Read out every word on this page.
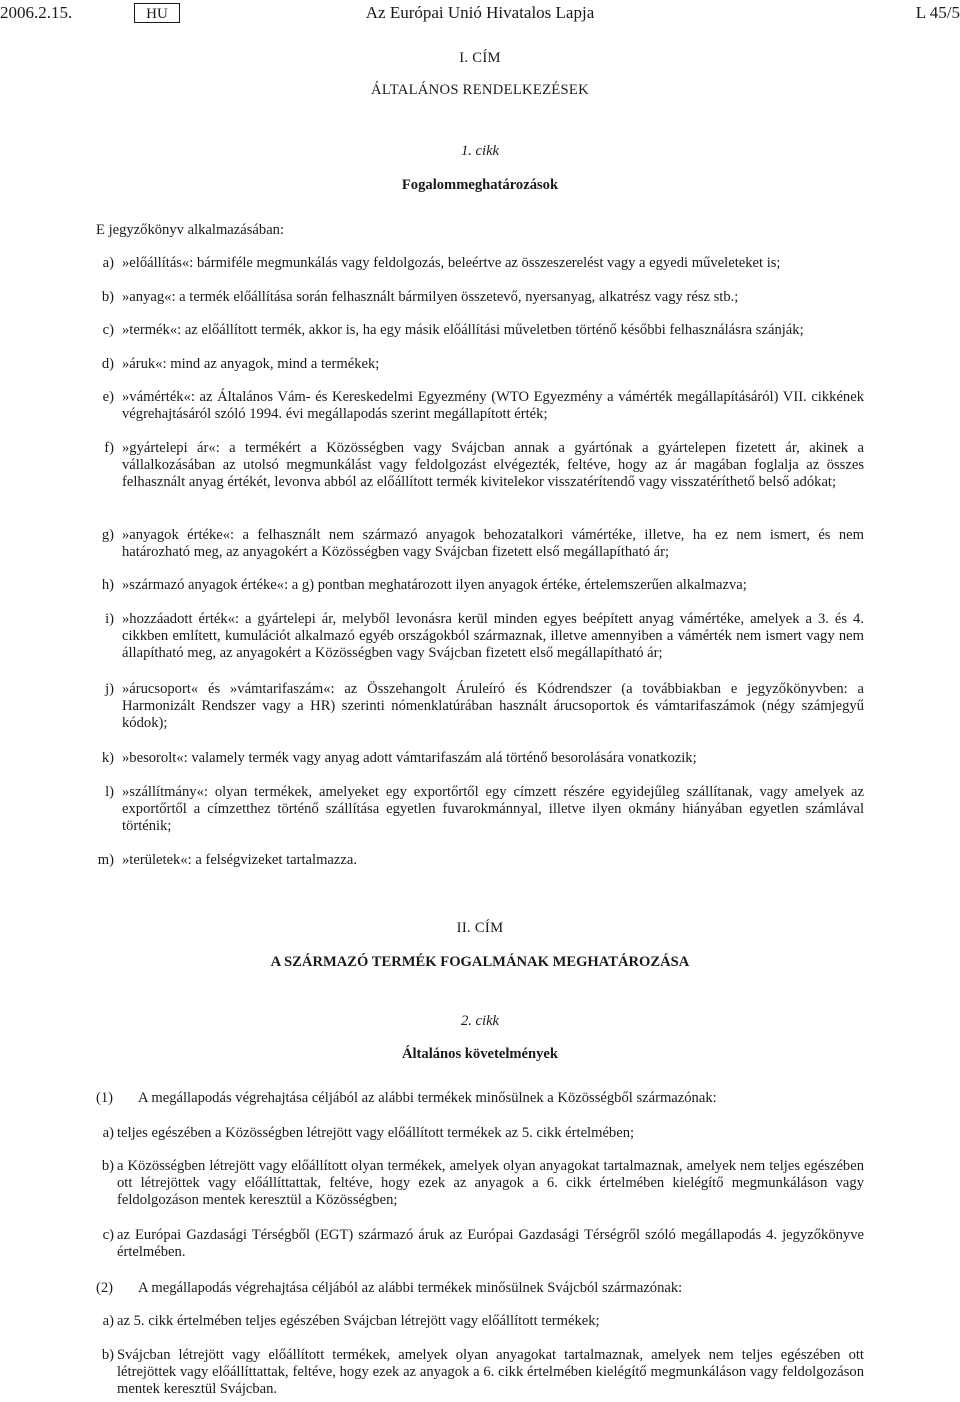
2006.2.15.	HU	Az Európai Unió Hivatalos Lapja	L 45/5
I. CÍM
ÁLTALÁNOS RENDELKEZÉSEK
1. cikk
Fogalommeghatározások
E jegyzőkönyv alkalmazásában:
a) »előállítás«: bármiféle megmunkálás vagy feldolgozás, beleértve az összeszerelést vagy a egyedi műveleteket is;
b) »anyag«: a termék előállítása során felhasznált bármilyen összetevő, nyersanyag, alkatrész vagy rész stb.;
c) »termék«: az előállított termék, akkor is, ha egy másik előállítási műveletben történő későbbi felhasználásra szánják;
d) »áruk«: mind az anyagok, mind a termékek;
e) »vámérték«: az Általános Vám- és Kereskedelmi Egyezmény (WTO Egyezmény a vámérték megállapításáról) VII. cikkének végrehajtásáról szóló 1994. évi megállapodás szerint megállapított érték;
f) »gyártelepi ár«: a termékért a Közösségben vagy Svájcban annak a gyártónak a gyártelepen fizetett ár, akinek a vállalkozásában az utolsó megmunkálást vagy feldolgozást elvégezték, feltéve, hogy az ár magában foglalja az összes felhasznált anyag értékét, levonva abból az előállított termék kivitelekor visszatérítendő vagy visszatéríthető belső adókat;
g) »anyagok értéke«: a felhasznált nem származó anyagok behozatalkori vámértéke, illetve, ha ez nem ismert, és nem határozható meg, az anyagokért a Közösségben vagy Svájcban fizetett első megállapítható ár;
h) »származó anyagok értéke«: a g) pontban meghatározott ilyen anyagok értéke, értelemszerűen alkalmazva;
i) »hozzáadott érték«: a gyártelepi ár, melyből levonásra kerül minden egyes beépített anyag vámértéke, amelyek a 3. és 4. cikkben említett, kumulációt alkalmazó egyéb országokból származnak, illetve amennyiben a vámérték nem ismert vagy nem állapítható meg, az anyagokért a Közösségben vagy Svájcban fizetett első megállapítható ár;
j) »árucsoport« és »vámtarifaszám«: az Összehangolt Áruleíró és Kódrendszer (a továbbiakban e jegyzőkönyvben: a Harmonizált Rendszer vagy a HR) szerinti nómenklatúrában használt árucsoportok és vámtarifaszámok (négy számjegyű kódok);
k) »besorolt«: valamely termék vagy anyag adott vámtarifaszám alá történő besorolására vonatkozik;
l) »szállítmány«: olyan termékek, amelyeket egy exportőrtől egy címzett részére egyidejűleg szállítanak, vagy amelyek az exportőrtől a címzetthez történő szállítása egyetlen fuvarokmánnyal, illetve ilyen okmány hiányában egyetlen számlával történik;
m) »területek«: a felségvizeket tartalmazza.
II. CÍM
A SZÁRMAZÓ TERMÉK FOGALMÁNAK MEGHATÁROZÁSA
2. cikk
Általános követelmények
(1) A megállapodás végrehajtása céljából az alábbi termékek minősülnek a Közösségből származónak:
a) teljes egészében a Közösségben létrejött vagy előállított termékek az 5. cikk értelmében;
b) a Közösségben létrejött vagy előállított olyan termékek, amelyek olyan anyagokat tartalmaznak, amelyek nem teljes egészében ott létrejöttek vagy előállíttattak, feltéve, hogy ezek az anyagok a 6. cikk értelmében kielégítő megmunkáláson vagy feldolgozáson mentek keresztül a Közösségben;
c) az Európai Gazdasági Térségből (EGT) származó áruk az Európai Gazdasági Térségről szóló megállapodás 4. jegyzőkönyve értelmében.
(2) A megállapodás végrehajtása céljából az alábbi termékek minősülnek Svájcból származónak:
a) az 5. cikk értelmében teljes egészében Svájcban létrejött vagy előállított termékek;
b) Svájcban létrejött vagy előállított termékek, amelyek olyan anyagokat tartalmaznak, amelyek nem teljes egészében ott létrejöttek vagy előállíttattak, feltéve, hogy ezek az anyagok a 6. cikk értelmében kielégítő megmunkáláson vagy feldolgozáson mentek keresztül Svájcban.
